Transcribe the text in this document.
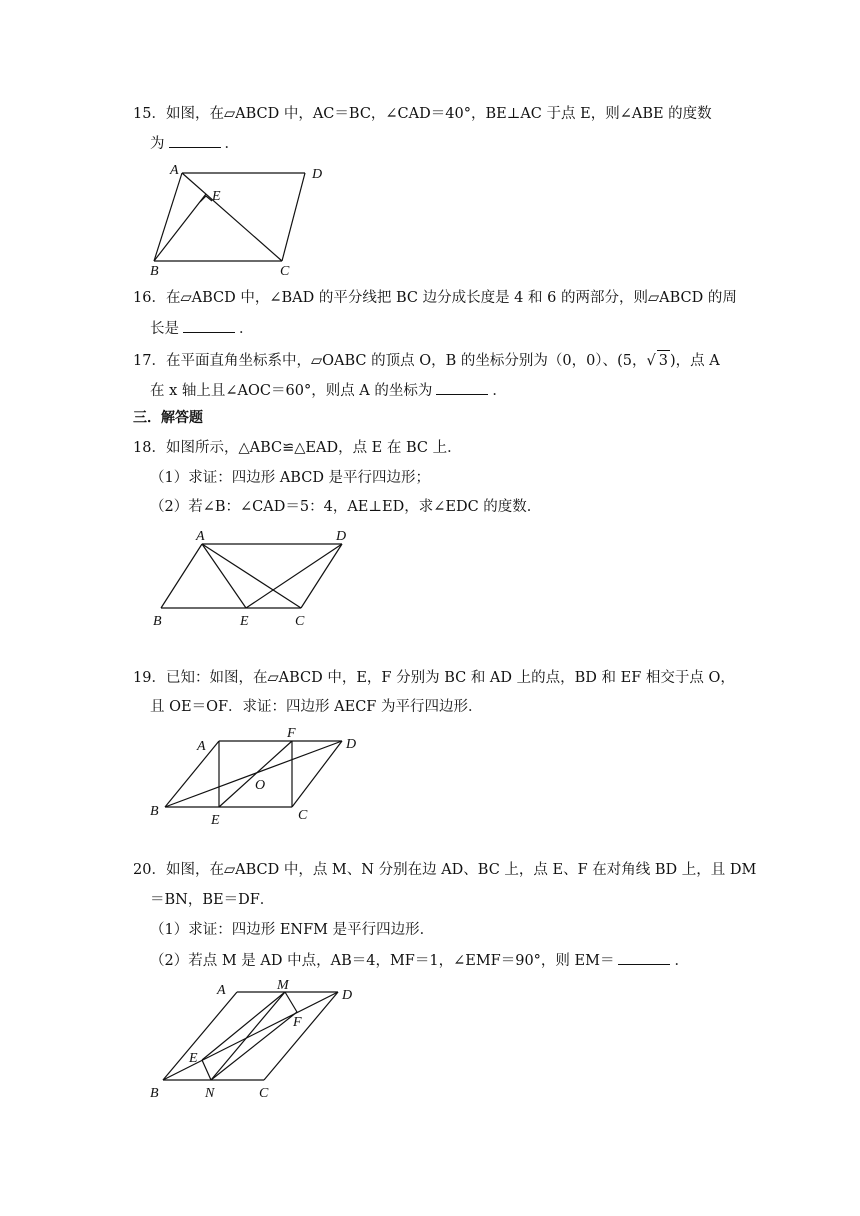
15．如图，在▱ABCD 中，AC＝BC，∠CAD＝40°，BE⊥AC 于点 E，则∠ABE 的度数
为	．
A
E
D
B	C
16．在▱ABCD 中，∠BAD 的平分线把 BC 边分成长度是 4 和 6 的两部分，则▱ABCD 的周
长是	．
17．在平面直角坐标系中，▱OABC 的顶点 O，B 的坐标分别为（0，0）、(5，√ 3 )，点 A
在 x 轴上且∠AOC＝60°，则点 A 的坐标为	．
三．解答题
18．如图所示，△ABC≌△EAD，点 E 在 BC 上．
（1）求证：四边形 ABCD 是平行四边形；
（2）若∠B：∠CAD＝5：4，AE⊥ED，求∠EDC 的度数．
A	D
B	E	C
19．已知：如图，在▱ABCD 中，E，F 分别为 BC 和 AD 上的点，BD 和 EF 相交于点 O，
且 OE＝OF．求证：四边形 AECF 为平行四边形．
A
F
D
O
B
E	C
20．如图，在▱ABCD 中，点 M、N 分别在边 AD、BC 上，点 E、F 在对角线 BD 上，且 DM
＝BN，BE＝DF．
（1）求证：四边形 ENFM 是平行四边形．
（2）若点 M 是 AD 中点，AB＝4，MF＝1，∠EMF＝90°，则 EM＝	．
A	M
D
F
E
B	N	C
